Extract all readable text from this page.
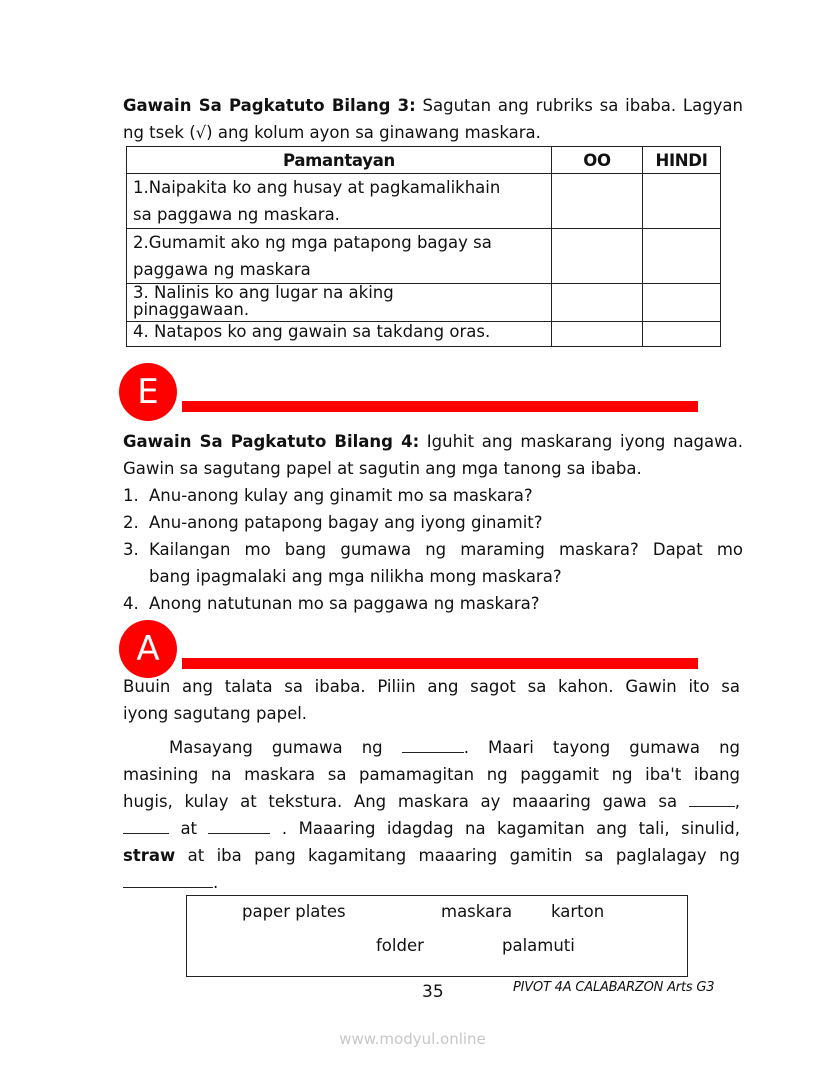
Gawain Sa Pagkatuto Bilang 3: Sagutan ang rubriks sa ibaba. Lagyan
ng tsek (√) ang kolum ayon sa ginawang maskara.
Pamantayan	OO	HINDI

1.Naipakita ko ang husay at pagkamalikhain
sa paggawa ng maskara.		

2.Gumamit ako ng mga patapong bagay sa
paggawa ng maskara		

3. Nalinis ko ang lugar na aking
pinaggawaan.		

4. Natapos ko ang gawain sa takdang oras.		

E
Gawain Sa Pagkatuto Bilang 4: Iguhit ang maskarang iyong nagawa.
Gawin sa sagutang papel at sagutin ang mga tanong sa ibaba.
1. Anu-anong kulay ang ginamit mo sa maskara?
2. Anu-anong patapong bagay ang iyong ginamit?
3. Kailangan mo bang gumawa ng maraming maskara? Dapat mo
bang ipagmalaki ang mga nilikha mong maskara?
4. Anong natutunan mo sa paggawa ng maskara?
A
Buuin ang talata sa ibaba. Piliin ang sagot sa kahon. Gawin ito sa
iyong sagutang papel.
Masayang gumawa ng	. Maari tayong gumawa ng
masining na maskara sa pamamagitan ng paggamit ng iba't ibang
hugis, kulay at tekstura. Ang maskara ay maaaring gawa sa	,
at	. Maaaring idagdag na kagamitan ang tali, sinulid,
straw at iba pang kagamitang maaaring gamitin sa paglalagay ng
.
paper plates	maskara karton
folder	palamuti
35	PIVOT 4A CALABARZON Arts G3
www.modyul.online
